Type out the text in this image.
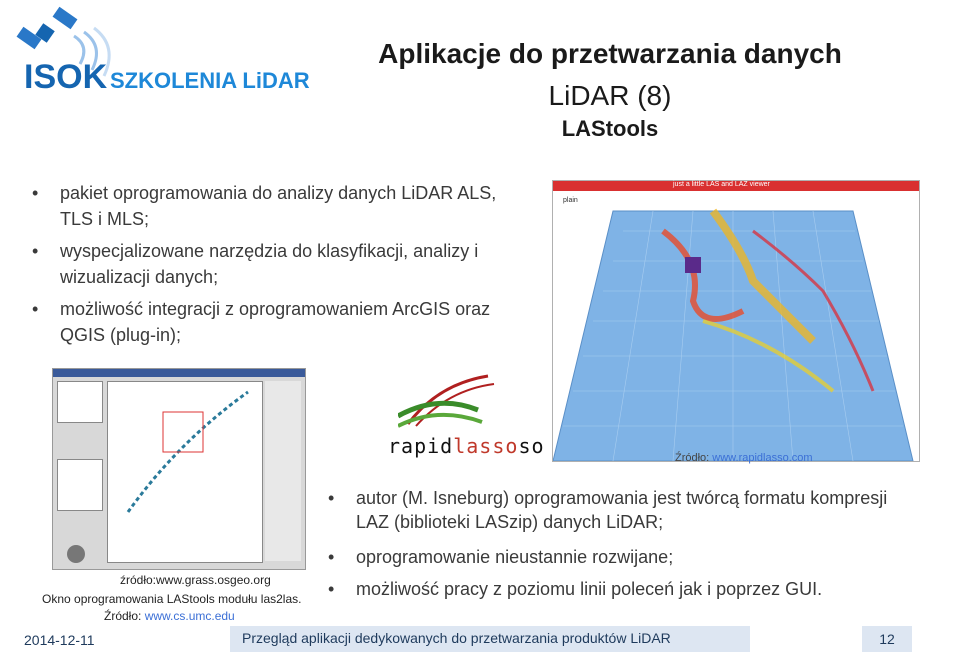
ISOK SZKOLENIA LiDAR
Aplikacje do przetwarzania danych
LiDAR (8)
LAStools
• pakiet oprogramowania do analizy danych LiDAR ALS, TLS i MLS;
• wyspecjalizowane narzędzia do klasyfikacji, analizy i wizualizacji danych;
• możliwość integracji z oprogramowaniem ArcGIS oraz QGIS (plug-in);
just a little LAS and LAZ viewer
plain
Źródło: www.rapidlasso.com
rapidlassoso
źródło:www.grass.osgeo.org
Okno oprogramowania LAStools modułu las2las.
Źródło: www.cs.umc.edu
• autor (M. Isneburg) oprogramowania jest twórcą formatu kompresji LAZ (biblioteki LASzip) danych LiDAR;
• oprogramowanie nieustannie rozwijane;
• możliwość pracy z poziomu linii poleceń jak i poprzez GUI.
2014-12-11	Przegląd aplikacji dedykowanych do przetwarzania produktów LiDAR	12
